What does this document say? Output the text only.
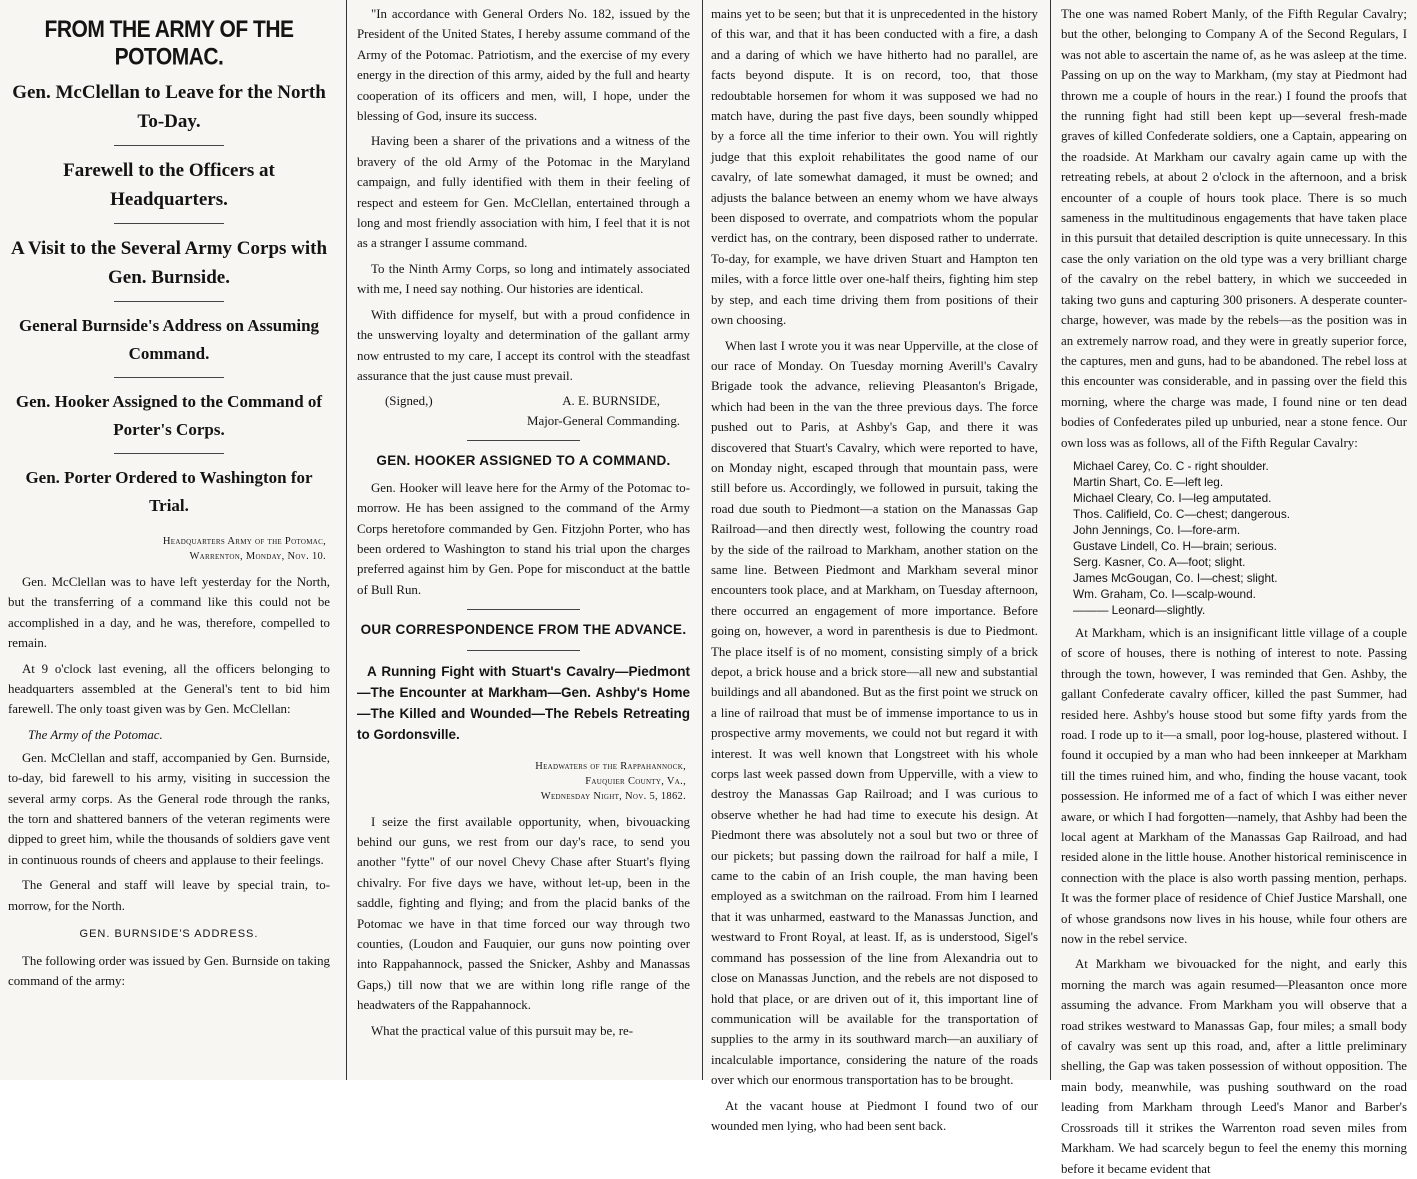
FROM THE ARMY OF THE POTOMAC.
Gen. McClellan to Leave for the North To-Day.
Farewell to the Officers at Headquarters.
A Visit to the Several Army Corps with Gen. Burnside.
General Burnside's Address on Assuming Command.
Gen. Hooker Assigned to the Command of Porter's Corps.
Gen. Porter Ordered to Washington for Trial.
Headquarters Army of the Potomac,
Warrenton, Monday, Nov. 10.

Gen. McClellan was to have left yesterday for the North, but the transferring of a command like this could not be accomplished in a day, and he was, therefore, compelled to remain.

At 9 o'clock last evening, all the officers belonging to headquarters assembled at the General's tent to bid him farewell. The only toast given was by Gen. McClellan:

The Army of the Potomac.

Gen. McClellan and staff, accompanied by Gen. Burnside, to-day, bid farewell to his army, visiting in succession the several army corps. As the General rode through the ranks, the torn and shattered banners of the veteran regiments were dipped to greet him, while the thousands of soldiers gave vent in continuous rounds of cheers and applause to their feelings.

The General and staff will leave by special train, to-morrow, for the North.

GEN. BURNSIDE'S ADDRESS.

The following order was issued by Gen. Burnside on taking command of the army:

"In accordance with General Orders No. 182, issued by the President of the United States, I hereby assume command of the Army of the Potomac. Patriotism, and the exercise of my every energy in the direction of this army, aided by the full and hearty cooperation of its officers and men, will, I hope, under the blessing of God, insure its success.

Having been a sharer of the privations and a witness of the bravery of the old Army of the Potomac in the Maryland campaign, and fully identified with them in their feeling of respect and esteem for Gen. McClellan, entertained through a long and most friendly association with him, I feel that it is not as a stranger I assume command.

To the Ninth Army Corps, so long and intimately associated with me, I need say nothing. Our histories are identical.

With diffidence for myself, but with a proud confidence in the unswerving loyalty and determination of the gallant army now entrusted to my care, I accept its control with the steadfast assurance that the just cause must prevail.

(Signed,)	A. E. BURNSIDE,
Major-General Commanding.
GEN. HOOKER ASSIGNED TO A COMMAND.

Gen. Hooker will leave here for the Army of the Potomac to-morrow. He has been assigned to the command of the Army Corps heretofore commanded by Gen. Fitzjohn Porter, who has been ordered to Washington to stand his trial upon the charges preferred against him by Gen. Pope for misconduct at the battle of Bull Run.

OUR CORRESPONDENCE FROM THE ADVANCE.
A Running Fight with Stuart's Cavalry—Piedmont—The Encounter at Markham—Gen. Ashby's Home—The Killed and Wounded—The Rebels Retreating to Gordonsville.
Headwaters of the Rappahannock,
Fauquier County, Va.,
Wednesday Night, Nov. 5, 1862.

I seize the first available opportunity, when, bivouacking behind our guns, we rest from our day's race, to send you another "fytte" of our novel Chevy Chase after Stuart's flying chivalry. For five days we have, without let-up, been in the saddle, fighting and flying; and from the placid banks of the Potomac we have in that time forced our way through two counties, (Loudon and Fauquier, our guns now pointing over into Rappahannock, passed the Snicker, Ashby and Manassas Gaps,) till now that we are within long rifle range of the headwaters of the Rappahannock.

What the practical value of this pursuit may be, re-

mains yet to be seen; but that it is unprecedented in the history of this war, and that it has been conducted with a fire, a dash and a daring of which we have hitherto had no parallel, are facts beyond dispute. It is on record, too, that those redoubtable horsemen for whom it was supposed we had no match have, during the past five days, been soundly whipped by a force all the time inferior to their own. You will rightly judge that this exploit rehabilitates the good name of our cavalry, of late somewhat damaged, it must be owned; and adjusts the balance between an enemy whom we have always been disposed to overrate, and compatriots whom the popular verdict has, on the contrary, been disposed rather to underrate. To-day, for example, we have driven Stuart and Hampton ten miles, with a force little over one-half theirs, fighting him step by step, and each time driving them from positions of their own choosing.

When last I wrote you it was near Upperville, at the close of our race of Monday. On Tuesday morning Averill's Cavalry Brigade took the advance, relieving Pleasanton's Brigade, which had been in the van the three previous days. The force pushed out to Paris, at Ashby's Gap, and there it was discovered that Stuart's Cavalry, which were reported to have, on Monday night, escaped through that mountain pass, were still before us. Accordingly, we followed in pursuit, taking the road due south to Piedmont—a station on the Manassas Gap Railroad—and then directly west, following the country road by the side of the railroad to Markham, another station on the same line. Between Piedmont and Markham several minor encounters took place, and at Markham, on Tuesday afternoon, there occurred an engagement of more importance. Before going on, however, a word in parenthesis is due to Piedmont. The place itself is of no moment, consisting simply of a brick depot, a brick house and a brick store—all new and substantial buildings and all abandoned. But as the first point we struck on a line of railroad that must be of immense importance to us in prospective army movements, we could not but regard it with interest. It was well known that Longstreet with his whole corps last week passed down from Upperville, with a view to destroy the Manassas Gap Railroad; and I was curious to observe whether he had had time to execute his design. At Piedmont there was absolutely not a soul but two or three of our pickets; but passing down the railroad for half a mile, I came to the cabin of an Irish couple, the man having been employed as a switchman on the railroad. From him I learned that it was unharmed, eastward to the Manassas Junction, and westward to Front Royal, at least. If, as is understood, Sigel's command has possession of the line from Alexandria out to close on Manassas Junction, and the rebels are not disposed to hold that place, or are driven out of it, this important line of communication will be available for the transportation of supplies to the army in its southward march—an auxiliary of incalculable importance, considering the nature of the roads over which our enormous transportation has to be brought.

At the vacant house at Piedmont I found two of our wounded men lying, who had been sent back.

The one was named Robert Manly, of the Fifth Regular Cavalry; but the other, belonging to Company A of the Second Regulars, I was not able to ascertain the name of, as he was asleep at the time. Passing on up on the way to Markham, (my stay at Piedmont had thrown me a couple of hours in the rear.) I found the proofs that the running fight had still been kept up—several fresh-made graves of killed Confederate soldiers, one a Captain, appearing on the roadside. At Markham our cavalry again came up with the retreating rebels, at about 2 o'clock in the afternoon, and a brisk encounter of a couple of hours took place. There is so much sameness in the multitudinous engagements that have taken place in this pursuit that detailed description is quite unnecessary. In this case the only variation on the old type was a very brilliant charge of the cavalry on the rebel battery, in which we succeeded in taking two guns and capturing 300 prisoners. A desperate counter-charge, however, was made by the rebels—as the position was in an extremely narrow road, and they were in greatly superior force, the captures, men and guns, had to be abandoned. The rebel loss at this encounter was considerable, and in passing over the field this morning, where the charge was made, I found nine or ten dead bodies of Confederates piled up unburied, near a stone fence. Our own loss was as follows, all of the Fifth Regular Cavalry:

Michael Carey, Co. C - right shoulder.
Martin Shart, Co. E—left leg.
Michael Cleary, Co. I—leg amputated.
Thos. Califield, Co. C—chest; dangerous.
John Jennings, Co. I—fore-arm.
Gustave Lindell, Co. H—brain; serious.
Serg. Kasner, Co. A—foot; slight.
James McGougan, Co. I—chest; slight.
Wm. Graham, Co. I—scalp-wound.
——— Leonard—slightly.

At Markham, which is an insignificant little village of a couple of score of houses, there is nothing of interest to note. Passing through the town, however, I was reminded that Gen. Ashby, the gallant Confederate cavalry officer, killed the past Summer, had resided here. Ashby's house stood but some fifty yards from the road. I rode up to it—a small, poor log-house, plastered without. I found it occupied by a man who had been innkeeper at Markham till the times ruined him, and who, finding the house vacant, took possession. He informed me of a fact of which I was either never aware, or which I had forgotten—namely, that Ashby had been the local agent at Markham of the Manassas Gap Railroad, and had resided alone in the little house. Another historical reminiscence in connection with the place is also worth passing mention, perhaps. It was the former place of residence of Chief Justice Marshall, one of whose grandsons now lives in his house, while four others are now in the rebel service.

At Markham we bivouacked for the night, and early this morning the march was again resumed—Pleasanton once more assuming the advance. From Markham you will observe that a road strikes westward to Manassas Gap, four miles; a small body of cavalry was sent up this road, and, after a little preliminary shelling, the Gap was taken possession of without opposition. The main body, meanwhile, was pushing southward on the road leading from Markham through Leed's Manor and Barber's Crossroads till it strikes the Warrenton road seven miles from Markham. We had scarcely begun to feel the enemy this morning before it became evident that
